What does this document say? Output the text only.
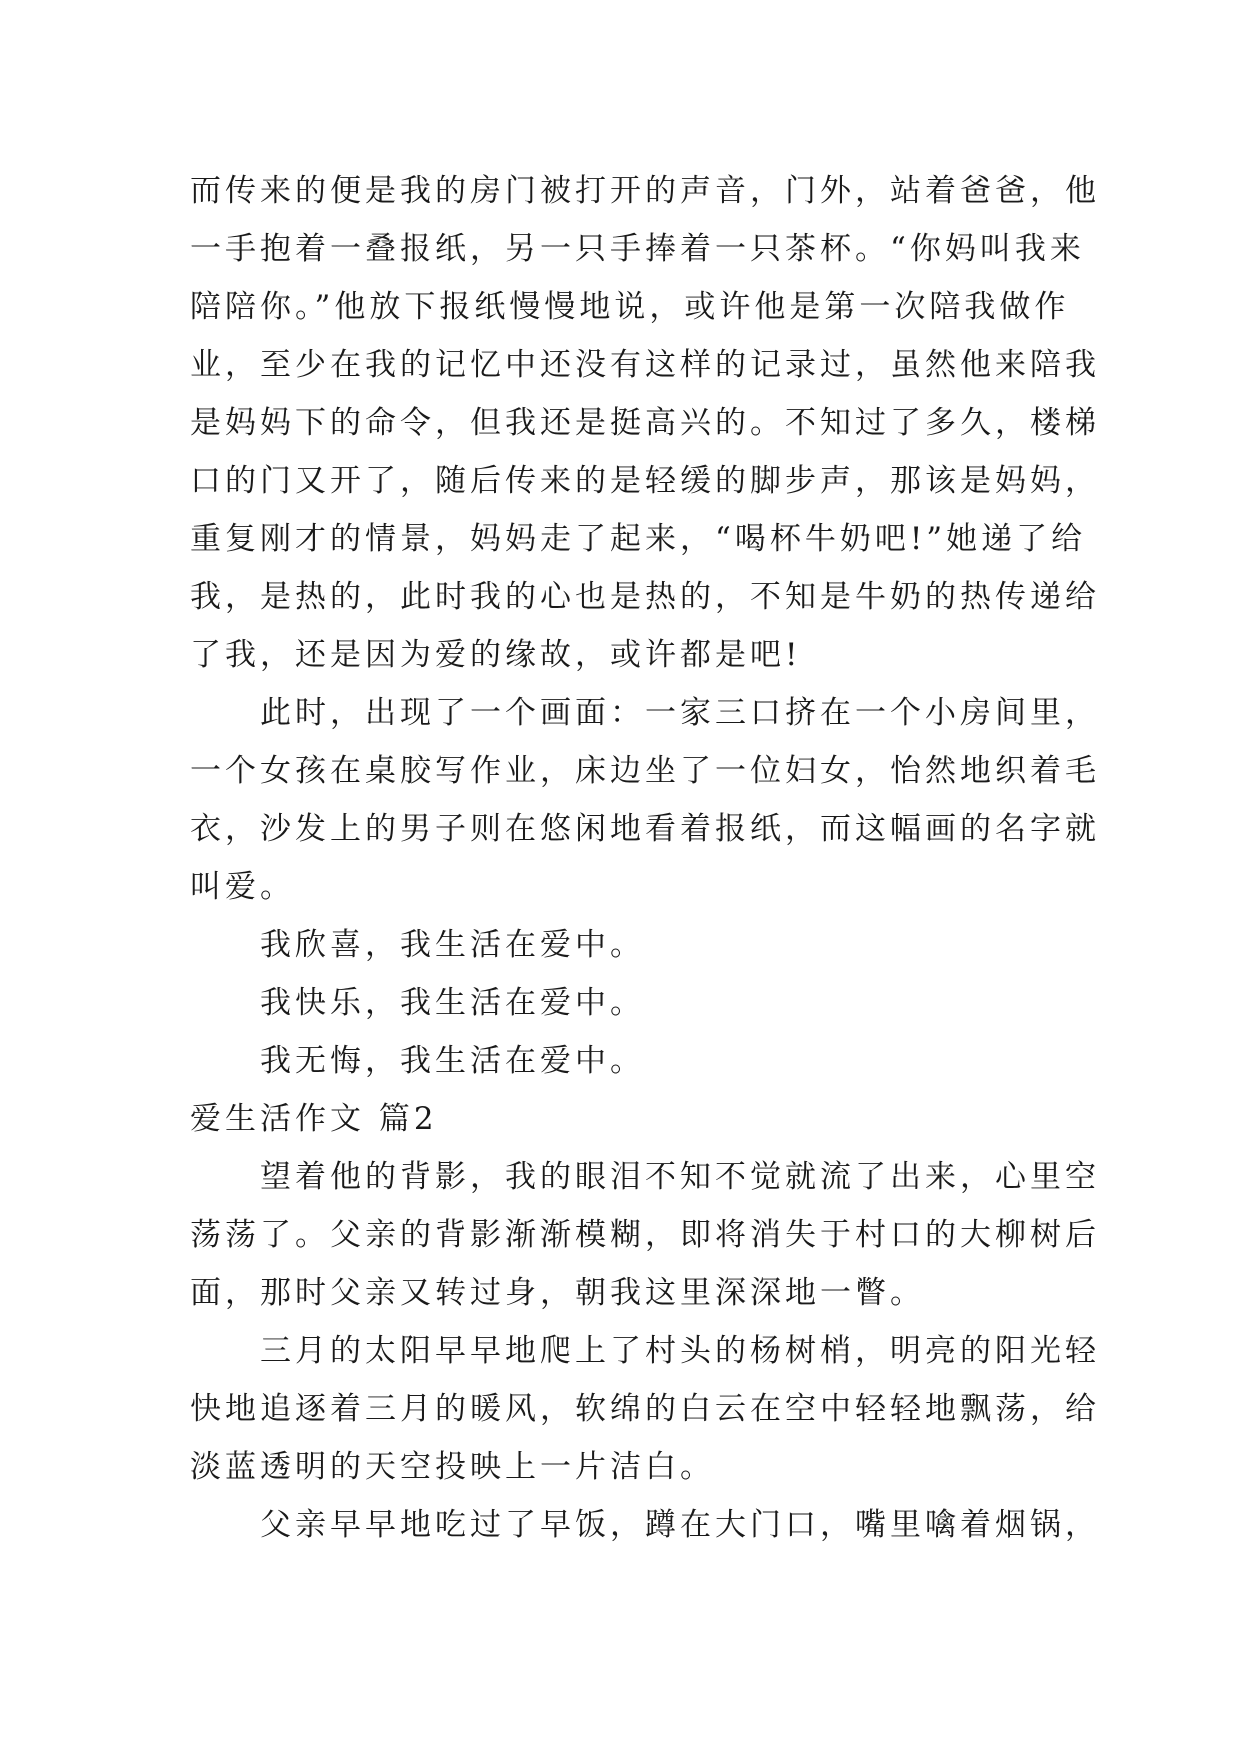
而传来的便是我的房门被打开的声音，门外，站着爸爸，他
一手抱着一叠报纸，另一只手捧着一只茶杯。“你妈叫我来
陪陪你。”他放下报纸慢慢地说，或许他是第一次陪我做作
业，至少在我的记忆中还没有这样的记录过，虽然他来陪我
是妈妈下的命令，但我还是挺高兴的。不知过了多久，楼梯
口的门又开了，随后传来的是轻缓的脚步声，那该是妈妈，
重复刚才的情景，妈妈走了起来，“喝杯牛奶吧!”她递了给
我，是热的，此时我的心也是热的，不知是牛奶的热传递给
了我，还是因为爱的缘故，或许都是吧!
此时，出现了一个画面：一家三口挤在一个小房间里，
一个女孩在桌胶写作业，床边坐了一位妇女，怡然地织着毛
衣，沙发上的男子则在悠闲地看着报纸，而这幅画的名字就
叫爱。
我欣喜，我生活在爱中。
我快乐，我生活在爱中。
我无悔，我生活在爱中。
爱生活作文 篇2
望着他的背影，我的眼泪不知不觉就流了出来，心里空
荡荡了。父亲的背影渐渐模糊，即将消失于村口的大柳树后
面，那时父亲又转过身，朝我这里深深地一瞥。
三月的太阳早早地爬上了村头的杨树梢，明亮的阳光轻
快地追逐着三月的暖风，软绵的白云在空中轻轻地飘荡，给
淡蓝透明的天空投映上一片洁白。
父亲早早地吃过了早饭，蹲在大门口，嘴里噙着烟锅，
